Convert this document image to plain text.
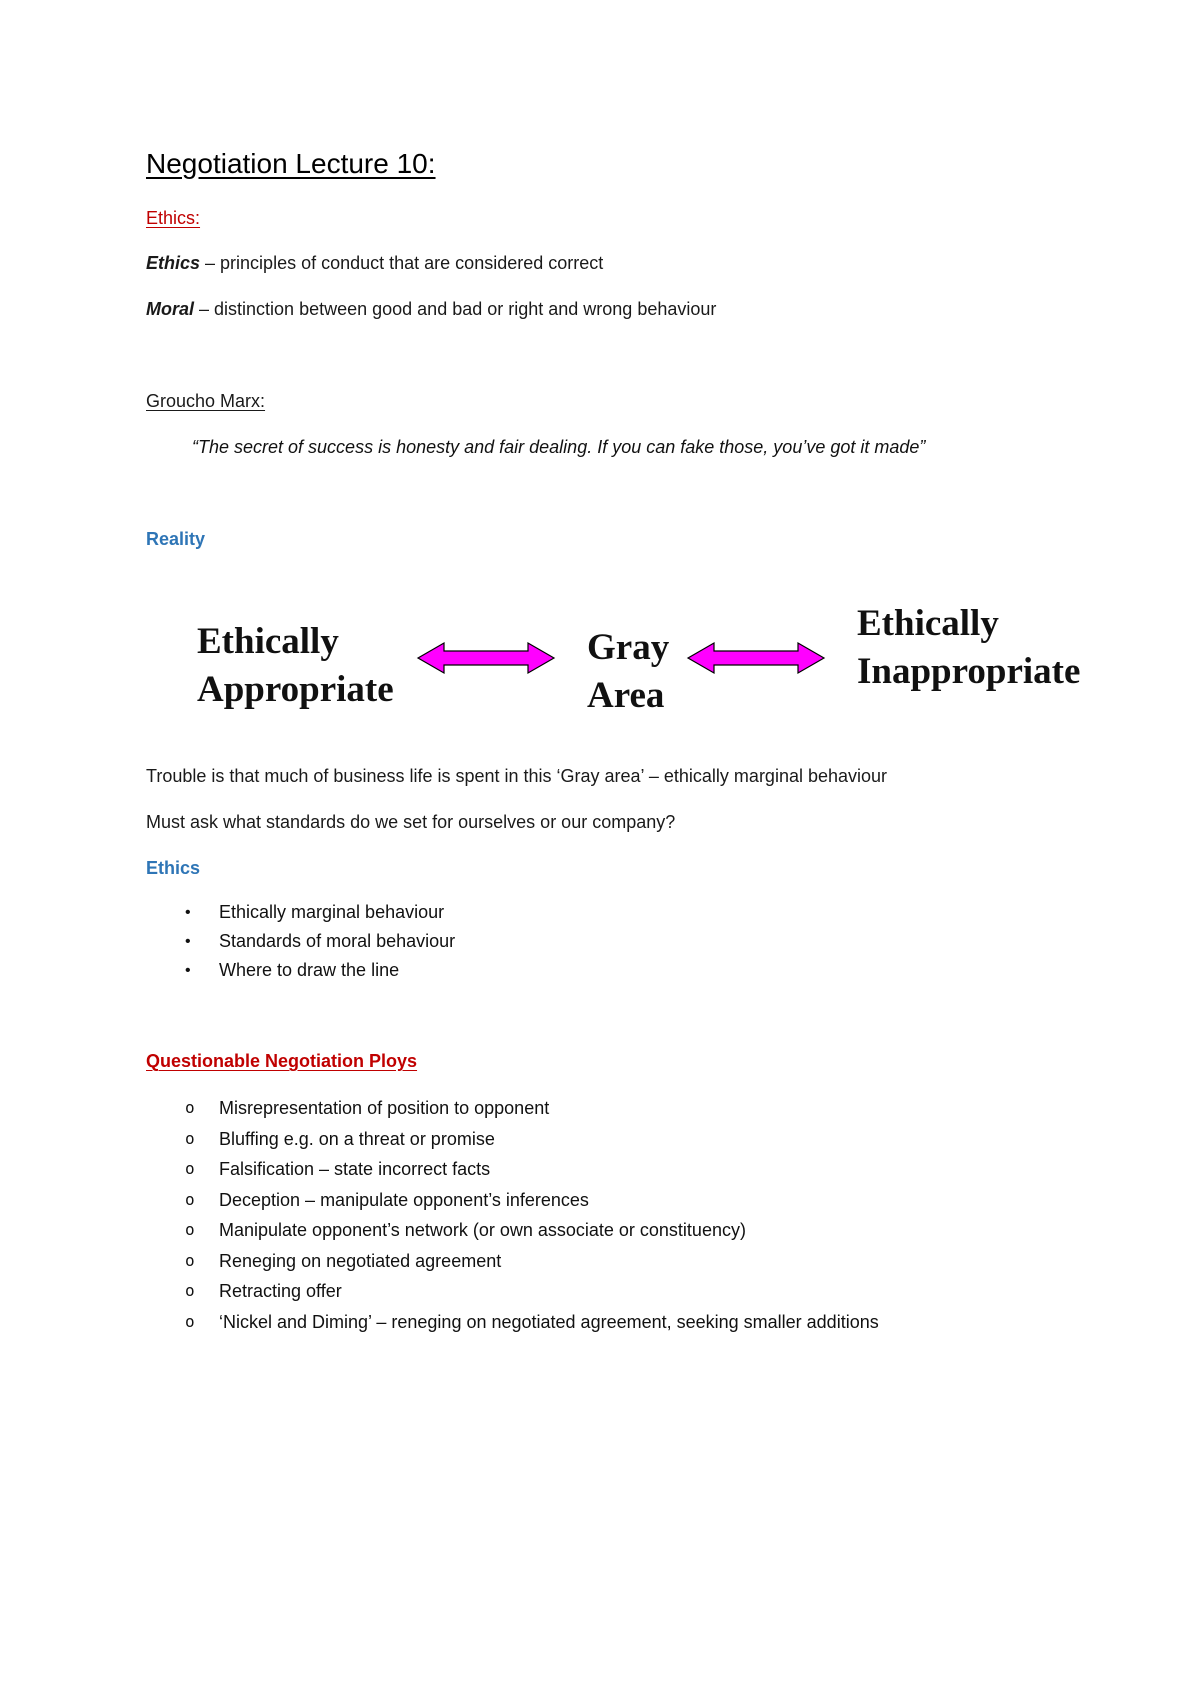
Negotiation Lecture 10:
Ethics:
Ethics – principles of conduct that are considered correct
Moral – distinction between good and bad or right and wrong behaviour
Groucho Marx:
“The secret of success is honesty and fair dealing. If you can fake those, you’ve got it made”
Reality
Ethically
Appropriate
Gray
Area
Ethically
Inappropriate
Trouble is that much of business life is spent in this ‘Gray area’ – ethically marginal behaviour
Must ask what standards do we set for ourselves or our company?
Ethics
• Ethically marginal behaviour
• Standards of moral behaviour
• Where to draw the line
Questionable Negotiation Ploys
o Misrepresentation of position to opponent
o Bluffing e.g. on a threat or promise
o Falsification – state incorrect facts
o Deception – manipulate opponent’s inferences
o Manipulate opponent’s network (or own associate or constituency)
o Reneging on negotiated agreement
o Retracting offer
o ‘Nickel and Diming’ – reneging on negotiated agreement, seeking smaller additions
